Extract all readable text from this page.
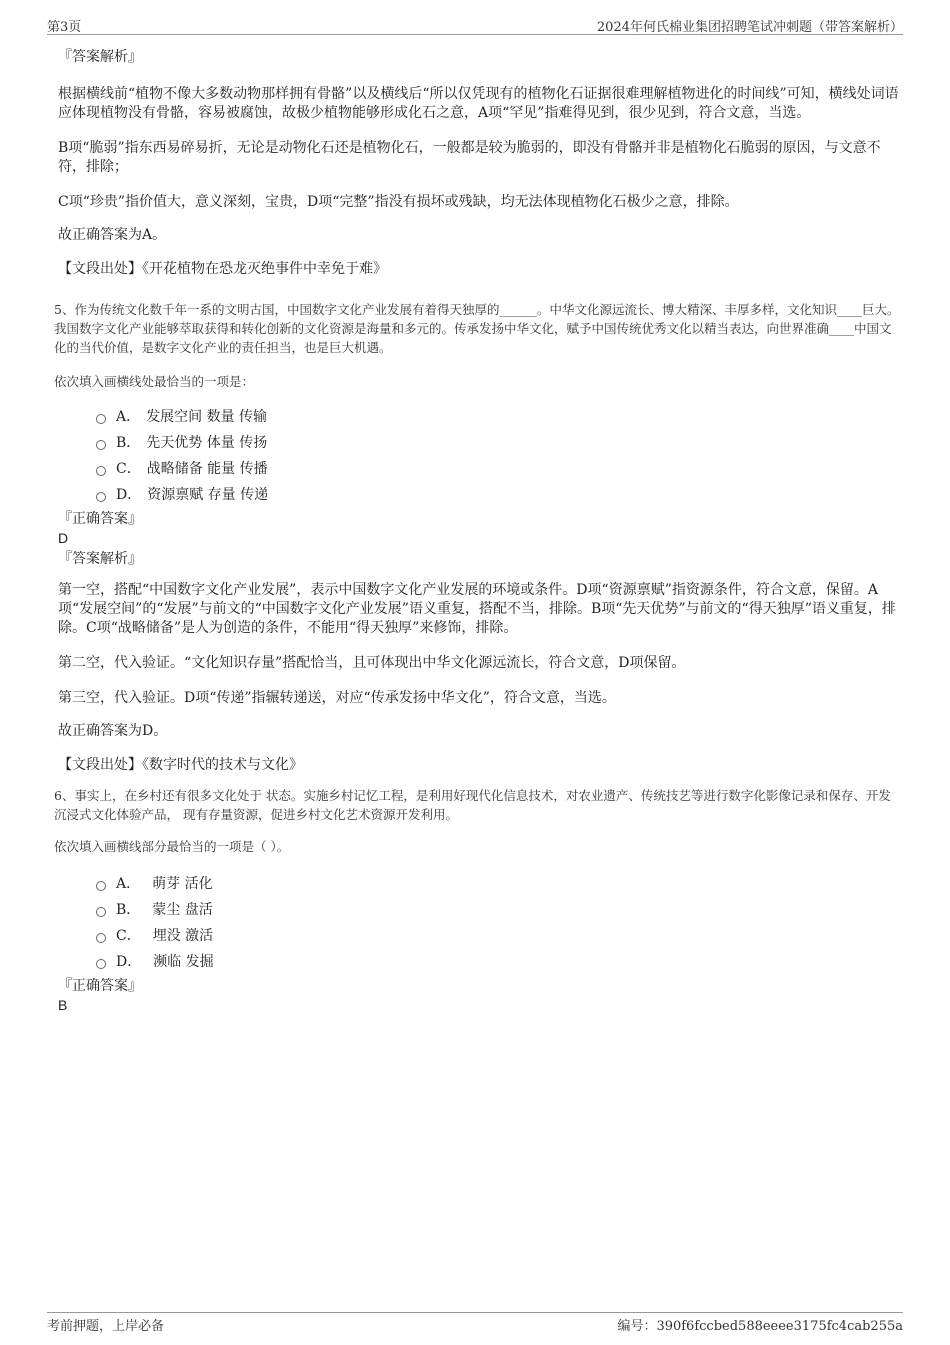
第3页	2024年何氏棉业集团招聘笔试冲刺题（带答案解析）
『答案解析』

根据横线前“植物不像大多数动物那样拥有骨骼”以及横线后“所以仅凭现有的植物化石证据很难理解植物进化的时间线”可知，横线处词语应体现植物没有骨骼，容易被腐蚀，故极少植物能够形成化石之意，A项“罕见”指难得见到，很少见到，符合文意，当选。

B项“脆弱”指东西易碎易折，无论是动物化石还是植物化石，一般都是较为脆弱的，即没有骨骼并非是植物化石脆弱的原因，与文意不符，排除；

C项“珍贵”指价值大，意义深刻，宝贵，D项“完整”指没有损坏或残缺，均无法体现植物化石极少之意，排除。

故正确答案为A。

【文段出处】《开花植物在恐龙灭绝事件中幸免于难》

5、作为传统文化数千年一系的文明古国，中国数字文化产业发展有着得天独厚的______。中华文化源远流长、博大精深、丰厚多样，文化知识____巨大。我国数字文化产业能够萃取获得和转化创新的文化资源是海量和多元的。传承发扬中华文化，赋予中国传统优秀文化以精当表达，向世界准确____中国文化的当代价值，是数字文化产业的责任担当，也是巨大机遇。

依次填入画横线处最恰当的一项是：

A． 发展空间 数量 传输
B． 先天优势 体量 传扬
C． 战略储备 能量 传播
D． 资源禀赋 存量 传递
『正确答案』
D
『答案解析』

第一空，搭配“中国数字文化产业发展”，表示中国数字文化产业发展的环境或条件。D项“资源禀赋”指资源条件，符合文意，保留。A项“发展空间”的“发展”与前文的“中国数字文化产业发展”语义重复，搭配不当，排除。B项“先天优势”与前文的“得天独厚”语义重复，排除。C项“战略储备”是人为创造的条件，不能用“得天独厚”来修饰，排除。

第二空，代入验证。“文化知识存量”搭配恰当，且可体现出中华文化源远流长，符合文意，D项保留。

第三空，代入验证。D项“传递”指辗转递送，对应“传承发扬中华文化”，符合文意，当选。

故正确答案为D。

【文段出处】《数字时代的技术与文化》

6、事实上，在乡村还有很多文化处于 状态。实施乡村记忆工程，是利用好现代化信息技术，对农业遗产、传统技艺等进行数字化影像记录和保存、开发沉浸式文化体验产品， 现有存量资源，促进乡村文化艺术资源开发利用。

依次填入画横线部分最恰当的一项是（ ）。

A． 萌芽 活化
B． 蒙尘 盘活
C． 埋没 激活
D． 濒临 发掘
『正确答案』
B
考前押题，上岸必备	编号：390f6fccbed588eeee3175fc4cab255a
